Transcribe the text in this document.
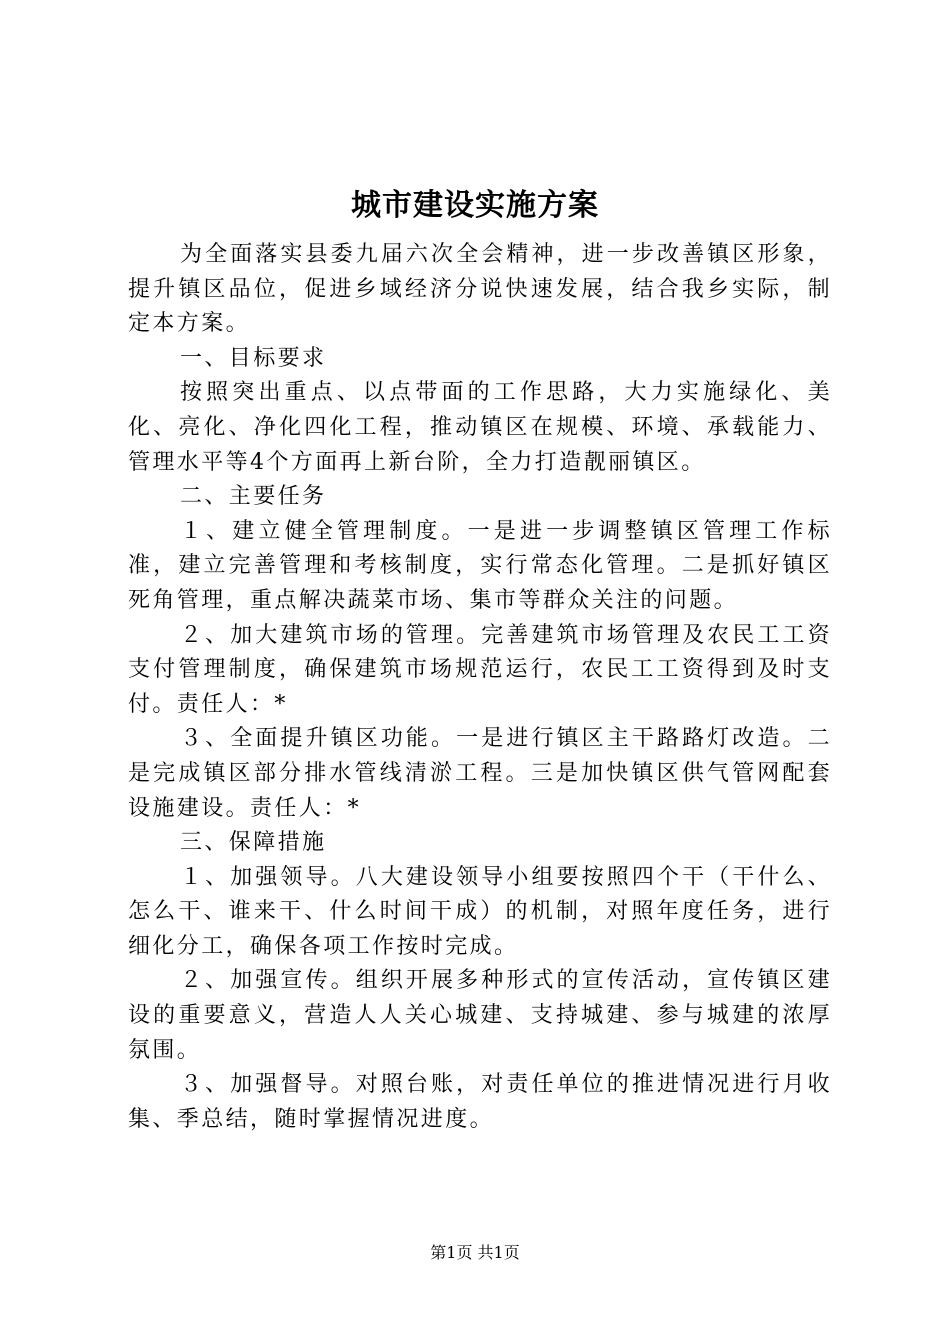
城市建设实施方案

为全面落实县委九届六次全会精神，进一步改善镇区形象，提升镇区品位，促进乡域经济分说快速发展，结合我乡实际，制定本方案。

一、目标要求

按照突出重点、以点带面的工作思路，大力实施绿化、美化、亮化、净化四化工程，推动镇区在规模、环境、承载能力、管理水平等4个方面再上新台阶，全力打造靓丽镇区。

二、主要任务

１、建立健全管理制度。一是进一步调整镇区管理工作标准，建立完善管理和考核制度，实行常态化管理。二是抓好镇区死角管理，重点解决蔬菜市场、集市等群众关注的问题。

２、加大建筑市场的管理。完善建筑市场管理及农民工工资支付管理制度，确保建筑市场规范运行，农民工工资得到及时支付。责任人：*

３、全面提升镇区功能。一是进行镇区主干路路灯改造。二是完成镇区部分排水管线清淤工程。三是加快镇区供气管网配套设施建设。责任人：*

三、保障措施

１、加强领导。八大建设领导小组要按照四个干（干什么、怎么干、谁来干、什么时间干成）的机制，对照年度任务，进行细化分工，确保各项工作按时完成。

２、加强宣传。组织开展多种形式的宣传活动，宣传镇区建设的重要意义，营造人人关心城建、支持城建、参与城建的浓厚氛围。

３、加强督导。对照台账，对责任单位的推进情况进行月收集、季总结，随时掌握情况进度。

第1页 共1页
